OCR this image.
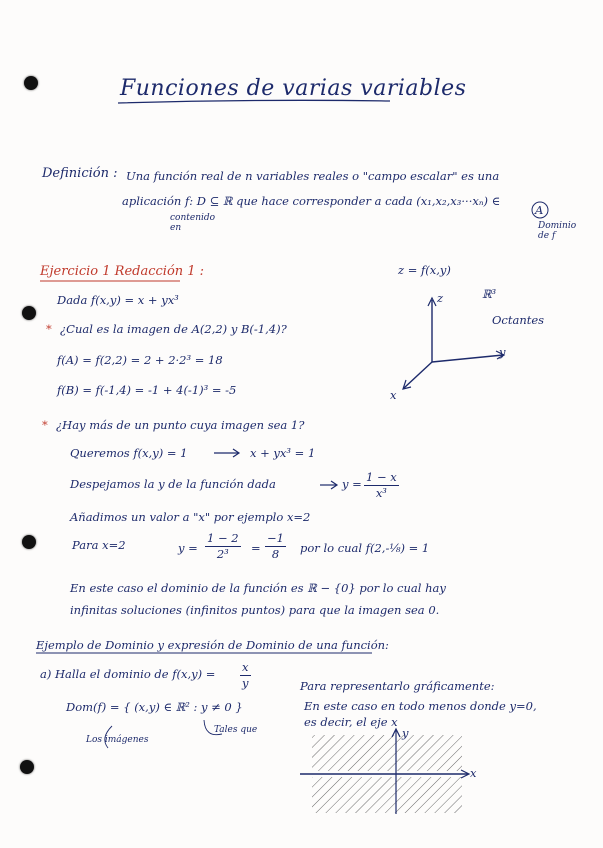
Funciones de varias variables
Definición : Una función real de n variables reales o "campo escalar" es una
aplicación f: D ⊆ ℝ que hace corresponder a cada (x₁,x₂,x₃···xₙ) ∈
A
contenido en	Dominio de f
Ejercicio 1 Redacción 1 :
Dada f(x,y) = x + yx³
* ¿Cual es la imagen de A(2,2) y B(-1,4)?
f(A) = f(2,2) = 2 + 2·2³ = 18
f(B) = f(-1,4) = -1 + 4(-1)³ = -5
z = f(x,y)
z	ℝ³
Octantes
y
x
* ¿Hay más de un punto cuya imagen sea 1?
Queremos f(x,y) = 1	x + yx³ = 1
Despejamos la y de la función dada	$y = \frac{1 - x}{\text{x³}}$
Añadimos un valor a "x" por ejemplo x=2
Para x=2	$y = \frac{1 - 2}{\text{2³}} = \frac{-1}{8}$ por lo cual f(2,-⅛) = 1
En este caso el dominio de la función es ℝ − {0} por lo cual hay
infinitas soluciones (infinitos puntos) para que la imagen sea 0.
Ejemplo de Dominio y expresión de Dominio de una función:
a) Halla el dominio de $f(x,y) = \frac{x}{y}$
Dom(f) = { (x,y) ∈ ℝ² : y ≠ 0 }
Los imágenes
Tales que
Para representarlo gráficamente:
En este caso en todo menos donde y=0,
es decir, el eje x
x
y
